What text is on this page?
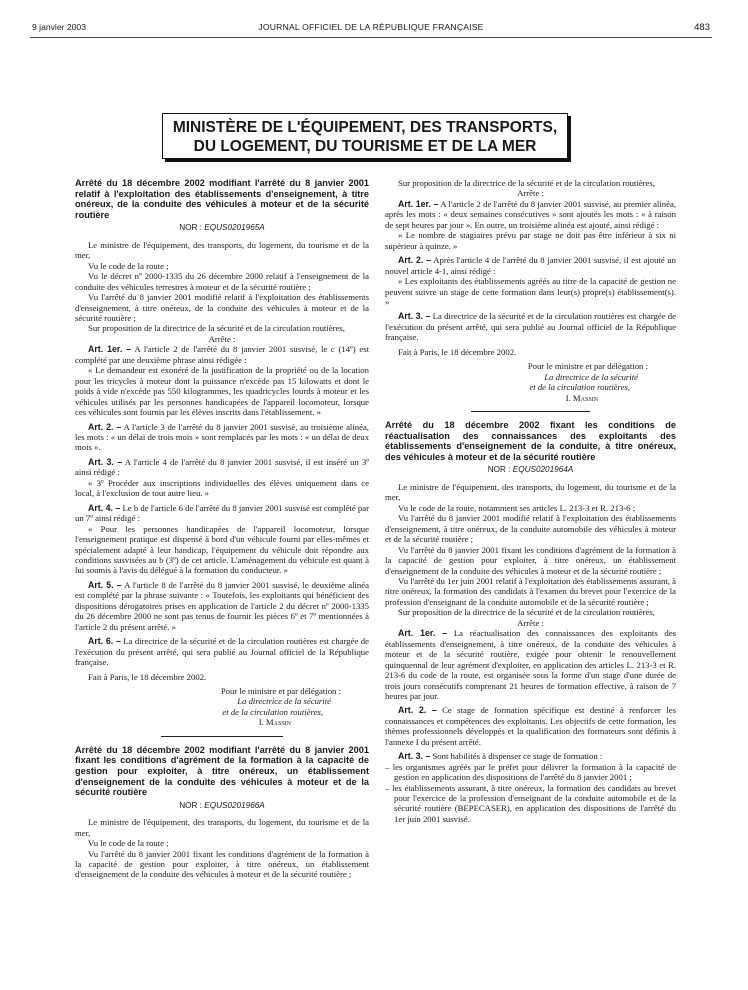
9 janvier 2003	JOURNAL OFFICIEL DE LA RÉPUBLIQUE FRANÇAISE	483
MINISTÈRE DE L'ÉQUIPEMENT, DES TRANSPORTS,
DU LOGEMENT, DU TOURISME ET DE LA MER

Arrêté du 18 décembre 2002 modifiant l'arrêté du 8 janvier 2001 relatif à l'exploitation des établissements d'enseignement, à titre onéreux, de la conduite des véhicules à moteur et de la sécurité routière

NOR : EQUS0201965A

Le ministre de l'équipement, des transports, du logement, du tourisme et de la mer,

Vu le code de la route ;

Vu le décret nº 2000-1335 du 26 décembre 2000 relatif à l'enseignement de la conduite des véhicules terrestres à moteur et de la sécurité routière ;

Vu l'arrêté du 8 janvier 2001 modifié relatif à l'exploitation des établissements d'enseignement, à titre onéreux, de la conduite des véhicules à moteur et de la sécurité routière ;

Sur proposition de la directrice de la sécurité et de la circulation routières,

Arrête :

Art. 1er. – A l'article 2 de l'arrêté du 8 janvier 2001 susvisé, le c (14º) est complété par une deuxième phrase ainsi rédigée :

« Le demandeur est exonéré de la justification de la propriété ou de la location pour les tricycles à moteur dont la puissance n'excède pas 15 kilowatts et dont le poids à vide n'excède pas 550 kilogrammes, les quadricycles lourds à moteur et les véhicules utilisés par les personnes handicapées de l'appareil locomoteur, lorsque ces véhicules sont fournis par les élèves inscrits dans l'établissement. »

Art. 2. – A l'article 3 de l'arrêté du 8 janvier 2001 susvisé, au troisième alinéa, les mots : « un délai de trois mois » sont remplacés par les mots : « un délai de deux mois ».

Art. 3. – A l'article 4 de l'arrêté du 8 janvier 2001 susvisé, il est inséré un 3º ainsi rédigé :

« 3º Procéder aux inscriptions individuelles des élèves uniquement dans ce local, à l'exclusion de tout autre lieu. »

Art. 4. – Le b de l'article 6 de l'arrêté du 8 janvier 2001 susvisé est complété par un 7º ainsi rédigé :

« Pour les personnes handicapées de l'appareil locomoteur, lorsque l'enseignement pratique est dispensé à bord d'un véhicule fourni par elles-mêmes et spécialement adapté à leur handicap, l'équipement du véhicule doit répondre aux conditions susvisées au b (3º) de cet article. L'aménagement du véhicule est quant à lui soumis à l'avis du délégué à la formation du conducteur. »

Art. 5. – A l'article 8 de l'arrêté du 8 janvier 2001 susvisé, le deuxième alinéa est complété par la phrase suivante : « Toutefois, les exploitants qui bénéficient des dispositions dérogatoires prises en application de l'article 2 du décret nº 2000-1335 du 26 décembre 2000 ne sont pas tenus de fournir les pièces 6º et 7º mentionnées à l'article 2 du présent arrêté. »

Art. 6. – La directrice de la sécurité et de la circulation routières est chargée de l'exécution du présent arrêté, qui sera publié au Journal officiel de la République française.

Fait à Paris, le 18 décembre 2002.

Pour le ministre et par délégation :

La directrice de la sécurité

et de la circulation routières,

I. Massin

Arrêté du 18 décembre 2002 modifiant l'arrêté du 8 janvier 2001 fixant les conditions d'agrément de la formation à la capacité de gestion pour exploiter, à titre onéreux, un établissement d'enseignement de la conduite des véhicules à moteur et de la sécurité routière

NOR : EQUS0201966A

Le ministre de l'équipement, des transports, du logement, du tourisme et de la mer,

Vu le code de la route ;

Vu l'arrêté du 8 janvier 2001 fixant les conditions d'agrément de la formation à la capacité de gestion pour exploiter, à titre onéreux, un établissement d'enseignement de la conduite des véhicules à moteur et de la sécurité routière ;

Sur proposition de la directrice de la sécurité et de la circulation routières,

Arrête :

Art. 1er. – A l'article 2 de l'arrêté du 8 janvier 2001 susvisé, au premier alinéa, après les mots : « deux semaines consécutives » sont ajoutés les mots : « à raison de sept heures par jour ». En outre, un troisième alinéa est ajouté, ainsi rédigé :

« Le nombre de stagiaires prévu par stage ne doit pas être inférieur à six ni supérieur à quinze. »

Art. 2. – Après l'article 4 de l'arrêté du 8 janvier 2001 susvisé, il est ajouté un nouvel article 4-1, ainsi rédigé :

« Les exploitants des établissements agréés au titre de la capacité de gestion ne peuvent suivre un stage de cette formation dans leur(s) propre(s) établissement(s). »

Art. 3. – La directrice de la sécurité et de la circulation routières est chargée de l'exécution du présent arrêté, qui sera publié au Journal officiel de la République française.

Fait à Paris, le 18 décembre 2002.

Pour le ministre et par délégation :

La directrice de la sécurité

et de la circulation routières,

I. Massin

Arrêté du 18 décembre 2002 fixant les conditions de réactualisation des connaissances des exploitants des établissements d'enseignement de la conduite, à titre onéreux, des véhicules à moteur et de la sécurité routière

NOR : EQUS0201964A

Le ministre de l'équipement, des transports, du logement, du tourisme et de la mer,

Vu le code de la route, notamment ses articles L. 213-3 et R. 213-6 ;

Vu l'arrêté du 8 janvier 2001 modifié relatif à l'exploitation des établissements d'enseignement, à titre onéreux, de la conduite automobile des véhicules à moteur et de la sécurité routière ;

Vu l'arrêté du 8 janvier 2001 fixant les conditions d'agrément de la formation à la capacité de gestion pour exploiter, à titre onéreux, un établissement d'enseignement de la conduite des véhicules à moteur et de la sécurité routière ;

Vu l'arrêté du 1er juin 2001 relatif à l'exploitation des établissements assurant, à titre onéreux, la formation des candidats à l'examen du brevet pour l'exercice de la profession d'enseignant de la conduite automobile et de la sécurité routière ;

Sur proposition de la directrice de la sécurité et de la circulation routières,

Arrête :

Art. 1er. – La réactualisation des connaissances des exploitants des établissements d'enseignement, à titre onéreux, de la conduite des véhicules à moteur et de la sécurité routière, exigée pour obtenir le renouvellement quinquennal de leur agrément d'exploiter, en application des articles L. 213-3 et R. 213-6 du code de la route, est organisée sous la forme d'un stage d'une durée de trois jours consécutifs comprenant 21 heures de formation effective, à raison de 7 heures par jour.

Art. 2. – Ce stage de formation spécifique est destiné à renforcer les connaissances et compétences des exploitants. Les objectifs de cette formation, les thèmes professionnels développés et la qualification des formateurs sont définis à l'annexe I du présent arrêté.

Art. 3. – Sont habilités à dispenser ce stage de formation :

– les organismes agréés par le préfet pour délivrer la formation à la capacité de gestion en application des dispositions de l'arrêté du 8 janvier 2001 ;

– les établissements assurant, à titre onéreux, la formation des candidats au brevet pour l'exercice de la profession d'enseignant de la conduite automobile et de la sécurité routière (BEPECASER), en application des dispositions de l'arrêté du 1er juin 2001 susvisé.
